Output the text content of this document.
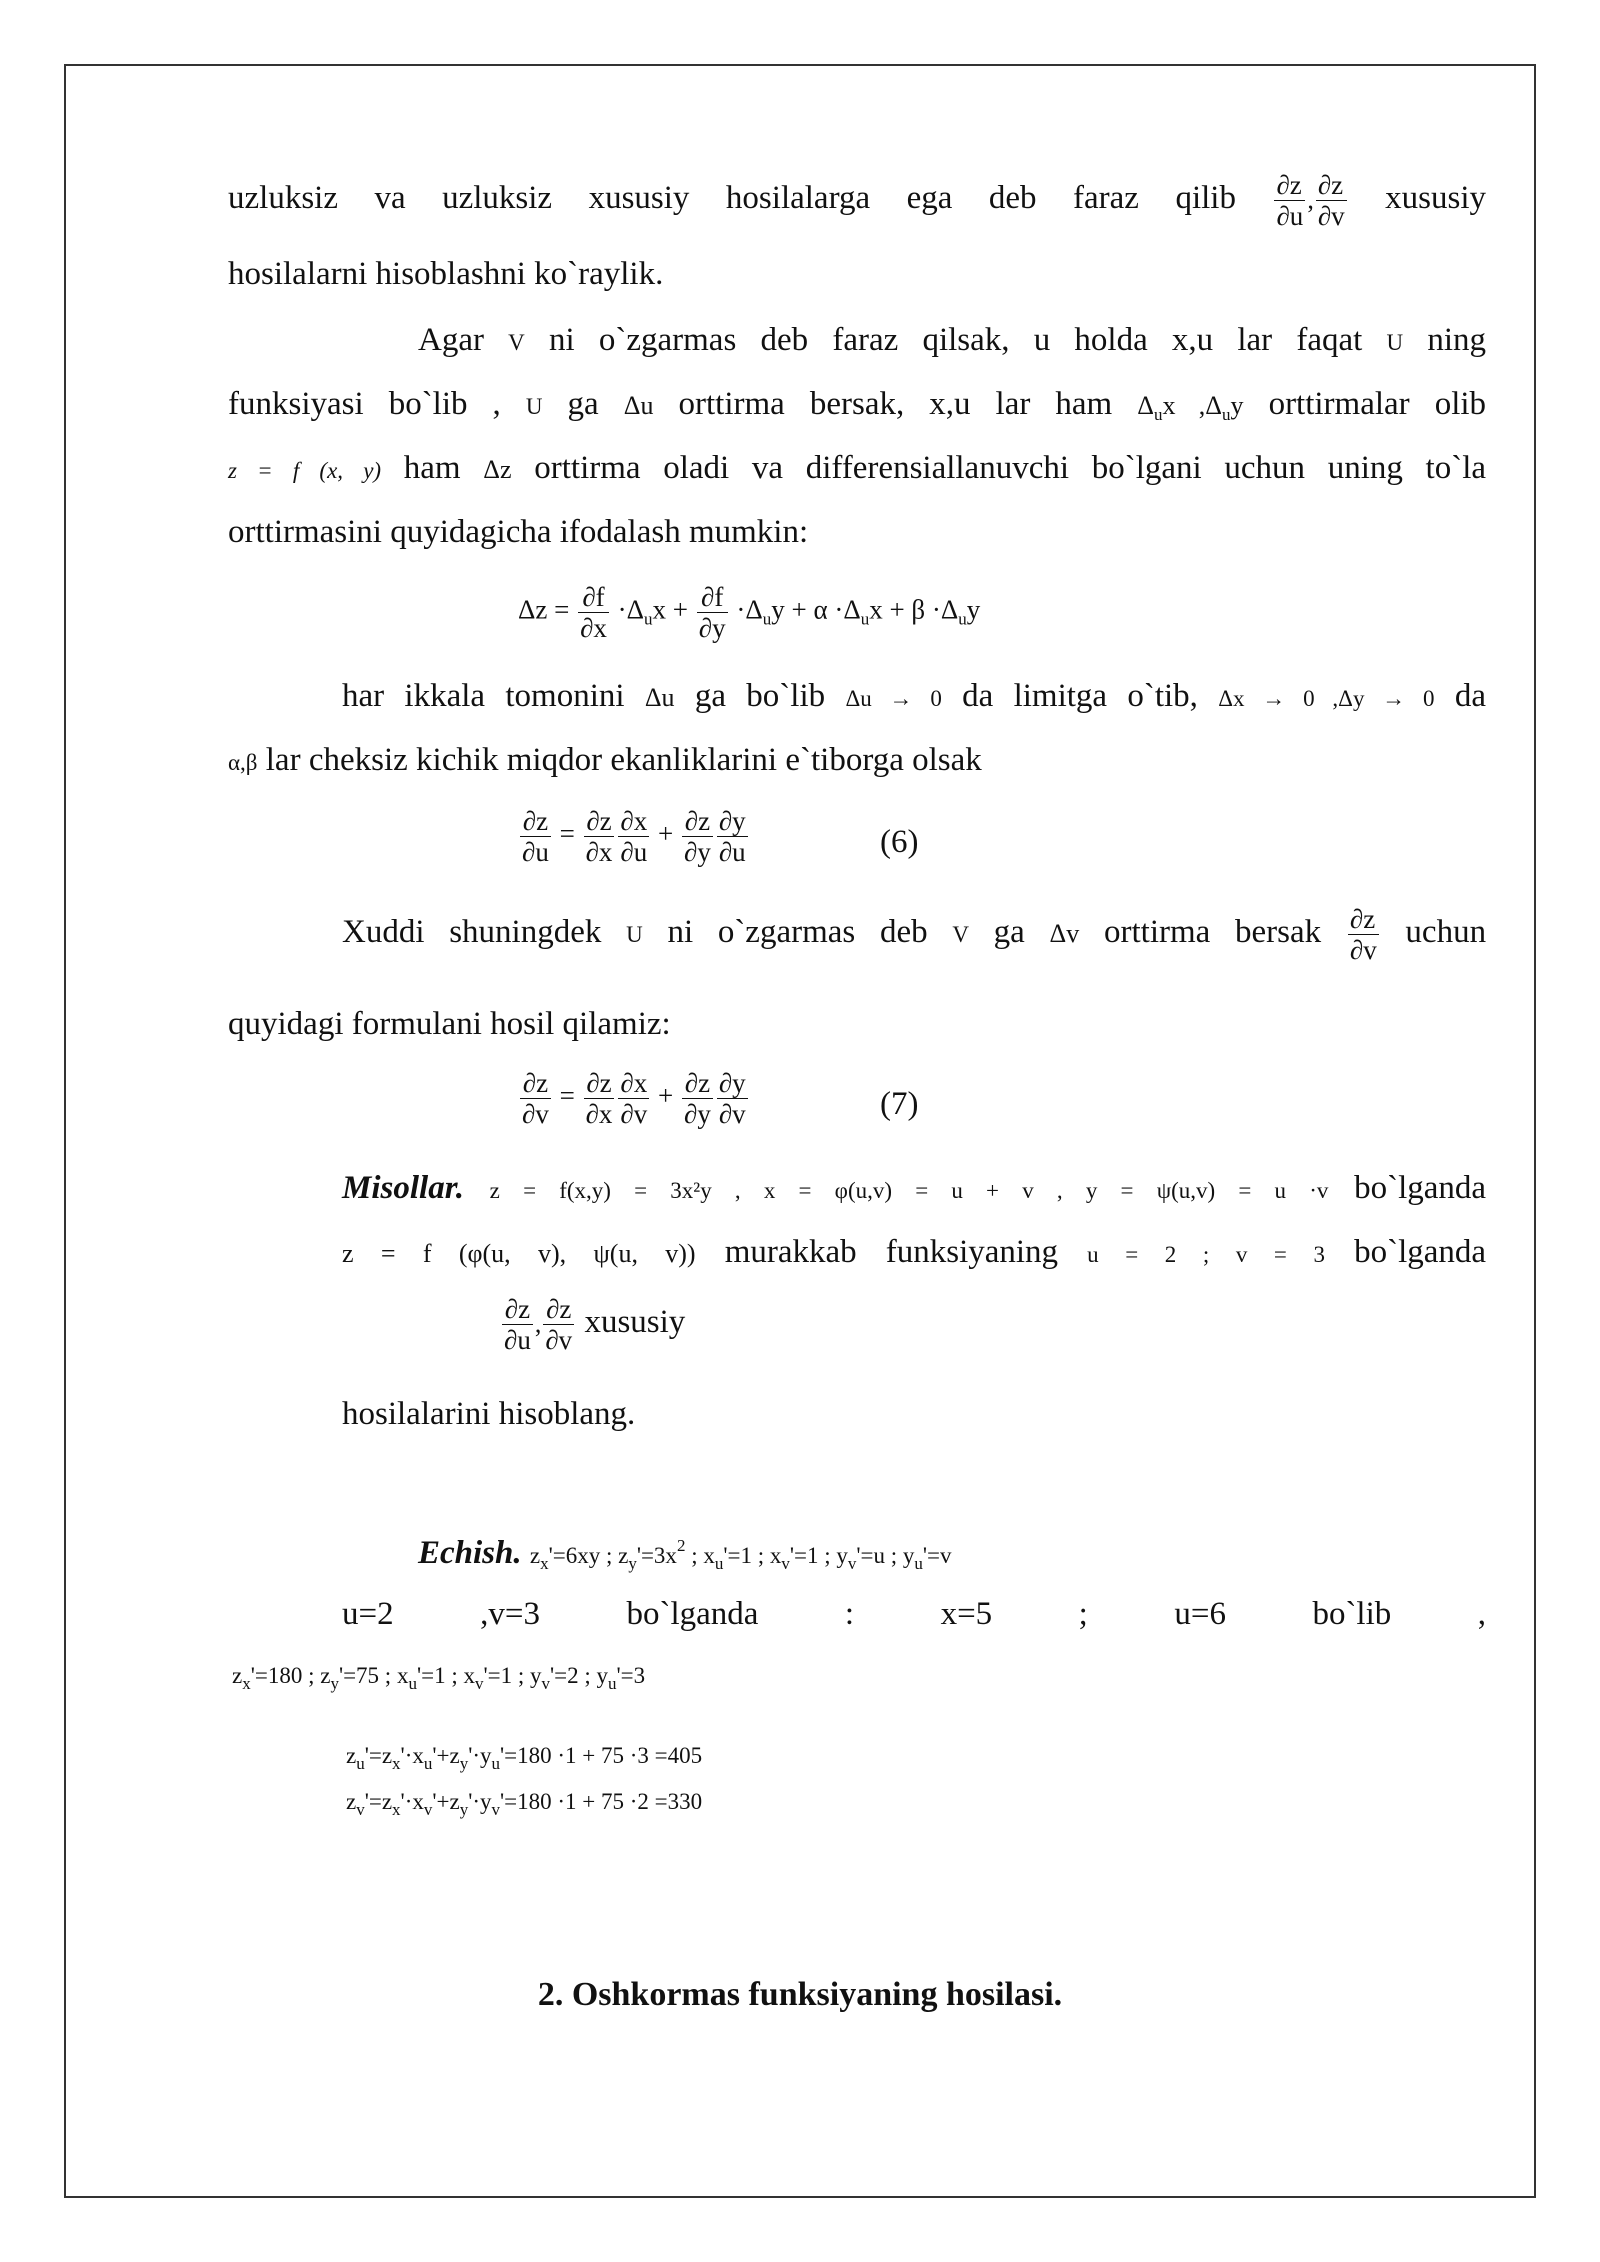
uzluksiz va uzluksiz xususiy hosilalarga ega deb faraz qilib $\frac{\partial z}{\partial u}$ , $\frac{\partial z}{\partial v}$ xususiy
hosilalarni hisoblashni ko`raylik.
Agar V ni o`zgarmas deb faraz qilsak, u holda x,u lar faqat U ning
funksiyasi bo`lib , U ga Δu orttirma bersak, x,u lar ham $\Delta_ux$ $,\Delta_uy$ orttirmalar olib
z = f (x, y) ham Δz orttirma oladi va differensiallanuvchi bo`lgani uchun uning to`la
orttirmasini quyidagicha ifodalash mumkin:
$\Delta z = \frac{\partial f}{\partial x} \cdot\Delta_ux + \frac{\partial f}{\partial y} \cdot\Delta_uy + \alpha \cdot\Delta_ux + \beta \cdot\Delta_uy$
har ikkala tomonini Δu ga bo`lib Δu → 0 da limitga o`tib, Δx → 0 ,Δy → 0 da
α,β lar cheksiz kichik miqdor ekanliklarini e`tiborga olsak
$\frac{\partial z}{\partial u} = \frac{\partial z}{\partial x} \frac{\partial x}{\partial u} + \frac{\partial z}{\partial y} \frac{\partial y}{\partial u}$	(6)
Xuddi shuningdek U ni o`zgarmas deb V ga Δv orttirma bersak $\frac{\partial z}{\partial v}$ uchun
quyidagi formulani hosil qilamiz:
$\frac{\partial z}{\partial v} = \frac{\partial z}{\partial x} \frac{\partial x}{\partial v} + \frac{\partial z}{\partial y} \frac{\partial y}{\partial v}$	(7)
Misollar. z = f(x,y) = 3x²y , x = φ(u,v) = u + v , y = ψ(u,v) = u ·v bo`lganda
z = f (φ(u, v), ψ(u, v)) murakkab funksiyaning u = 2 ; v = 3 bo`lganda
$\frac{\partial z}{\partial u}$ , $\frac{\partial z}{\partial v}$ xususiy
hosilalarini hisoblang.
Echish. $z_x'=6xy$ ; $z_y'=3x^2$ ; $x_u'=1$ ; $x_v'=1$ ; $y_v'=u$ ; $y_u'=v$
u=2	,v=3	bo`lganda	:	x=5	;	u=6	bo`lib	,
$z_x'=180$ ; $z_y'=75$ ; $x_u'=1$ ; $x_v'=1$ ; $y_v'=2$ ; $y_u'=3$
$z_u'=z_x'\cdot x_u'+z_y'\cdot y_u'=180 \cdot 1 + 75 \cdot 3 =405$
$z_v'=z_x'\cdot x_v'+z_y'\cdot y_v'=180 \cdot 1 + 75 \cdot 2 =330$
2. Oshkormas funksiyaning hosilasi.
